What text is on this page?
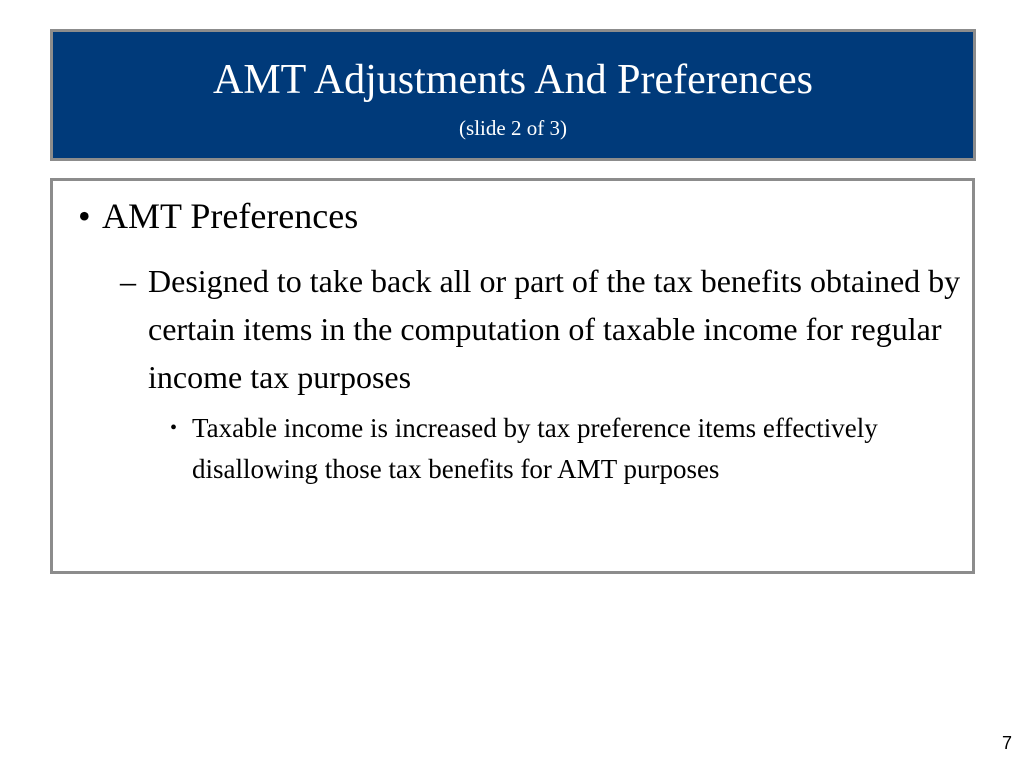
AMT Adjustments And Preferences
(slide 2 of 3)
• AMT Preferences
– Designed to take back all or part of the tax benefits obtained by certain items in the computation of taxable income for regular income tax purposes
• Taxable income is increased by tax preference items effectively disallowing those tax benefits for AMT purposes
7
